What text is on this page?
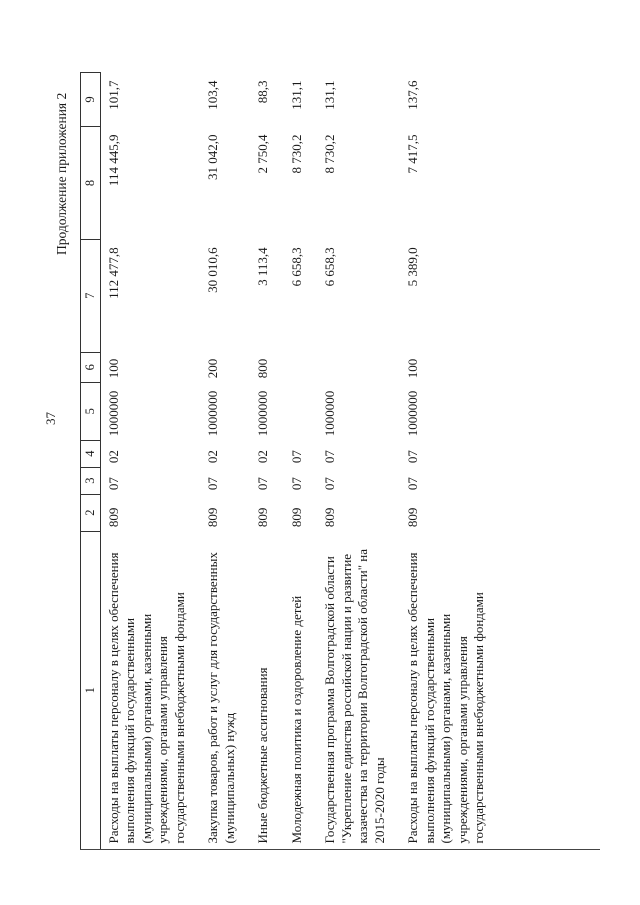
37
Продолжение приложения 2
1	2	3	4	5	6	7	8	9
Расходы на выплаты персоналу в целях обеспечения выполнения функций государственными (муниципальными) органами, казенными учреждениями, органами управления государственными внебюджетными фондами	809	07	02	1000000	100	112 477,8	114 445,9	101,7
Закупка товаров, работ и услуг для государственных (муниципальных) нужд	809	07	02	1000000	200	30 010,6	31 042,0	103,4
Иные бюджетные ассигнования	809	07	02	1000000	800	3 113,4	2 750,4	88,3
Молодежная политика и оздоровление детей	809	07	07			6 658,3	8 730,2	131,1
Государственная программа Волгоградской области "Укрепление единства российской нации и развитие казачества на территории Волгоградской области" на 2015-2020 годы	809	07	07	1000000		6 658,3	8 730,2	131,1
Расходы на выплаты персоналу в целях обеспечения выполнения функций государственными (муниципальными) органами, казенными учреждениями, органами управления государственными внебюджетными фондами	809	07	07	1000000	100	5 389,0	7 417,5	137,6
